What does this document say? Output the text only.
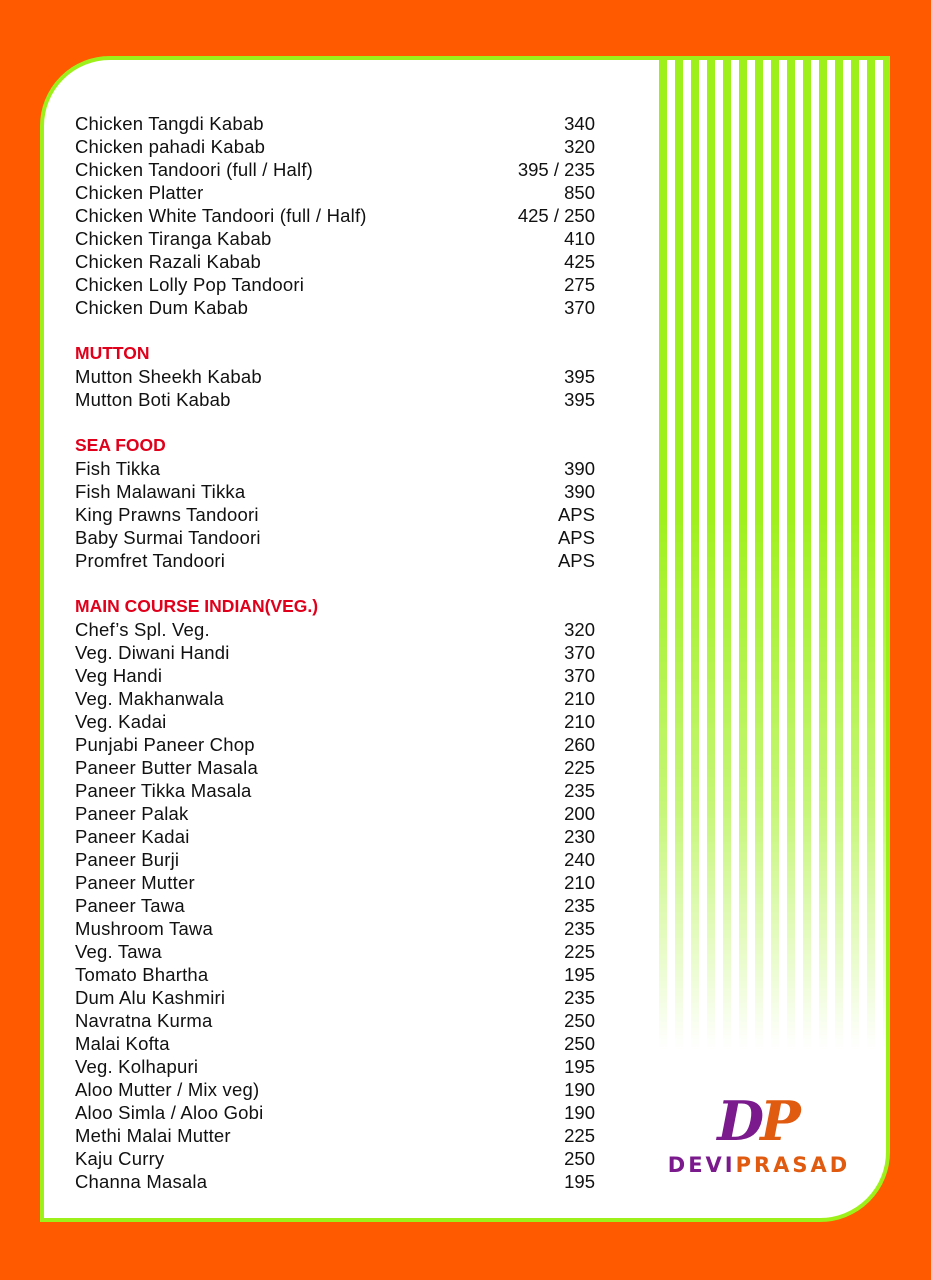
Chicken Tangdi Kabab	340
Chicken pahadi Kabab	320
Chicken Tandoori (full / Half)	395 / 235
Chicken Platter	850
Chicken White Tandoori (full / Half)	425 / 250
Chicken Tiranga Kabab	410
Chicken Razali Kabab	425
Chicken Lolly Pop Tandoori	275
Chicken Dum Kabab	370
MUTTON
Mutton Sheekh Kabab	395
Mutton Boti Kabab	395
SEA FOOD
Fish Tikka	390
Fish Malawani Tikka	390
King Prawns Tandoori	APS
Baby Surmai Tandoori	APS
Promfret Tandoori	APS
MAIN COURSE INDIAN(VEG.)
Chef’s Spl. Veg.	320
Veg. Diwani Handi	370
Veg Handi	370
Veg. Makhanwala	210
Veg. Kadai	210
Punjabi Paneer Chop	260
Paneer Butter Masala	225
Paneer Tikka Masala	235
Paneer Palak	200
Paneer Kadai	230
Paneer Burji	240
Paneer Mutter	210
Paneer Tawa	235
Mushroom Tawa	235
Veg. Tawa	225
Tomato Bhartha	195
Dum Alu Kashmiri	235
Navratna Kurma	250
Malai Kofta	250
Veg. Kolhapuri	195
Aloo Mutter / Mix veg)	190
Aloo Simla / Aloo Gobi	190
Methi Malai Mutter	225
Kaju Curry	250
Channa Masala	195
D
P
DEVIPRASAD
